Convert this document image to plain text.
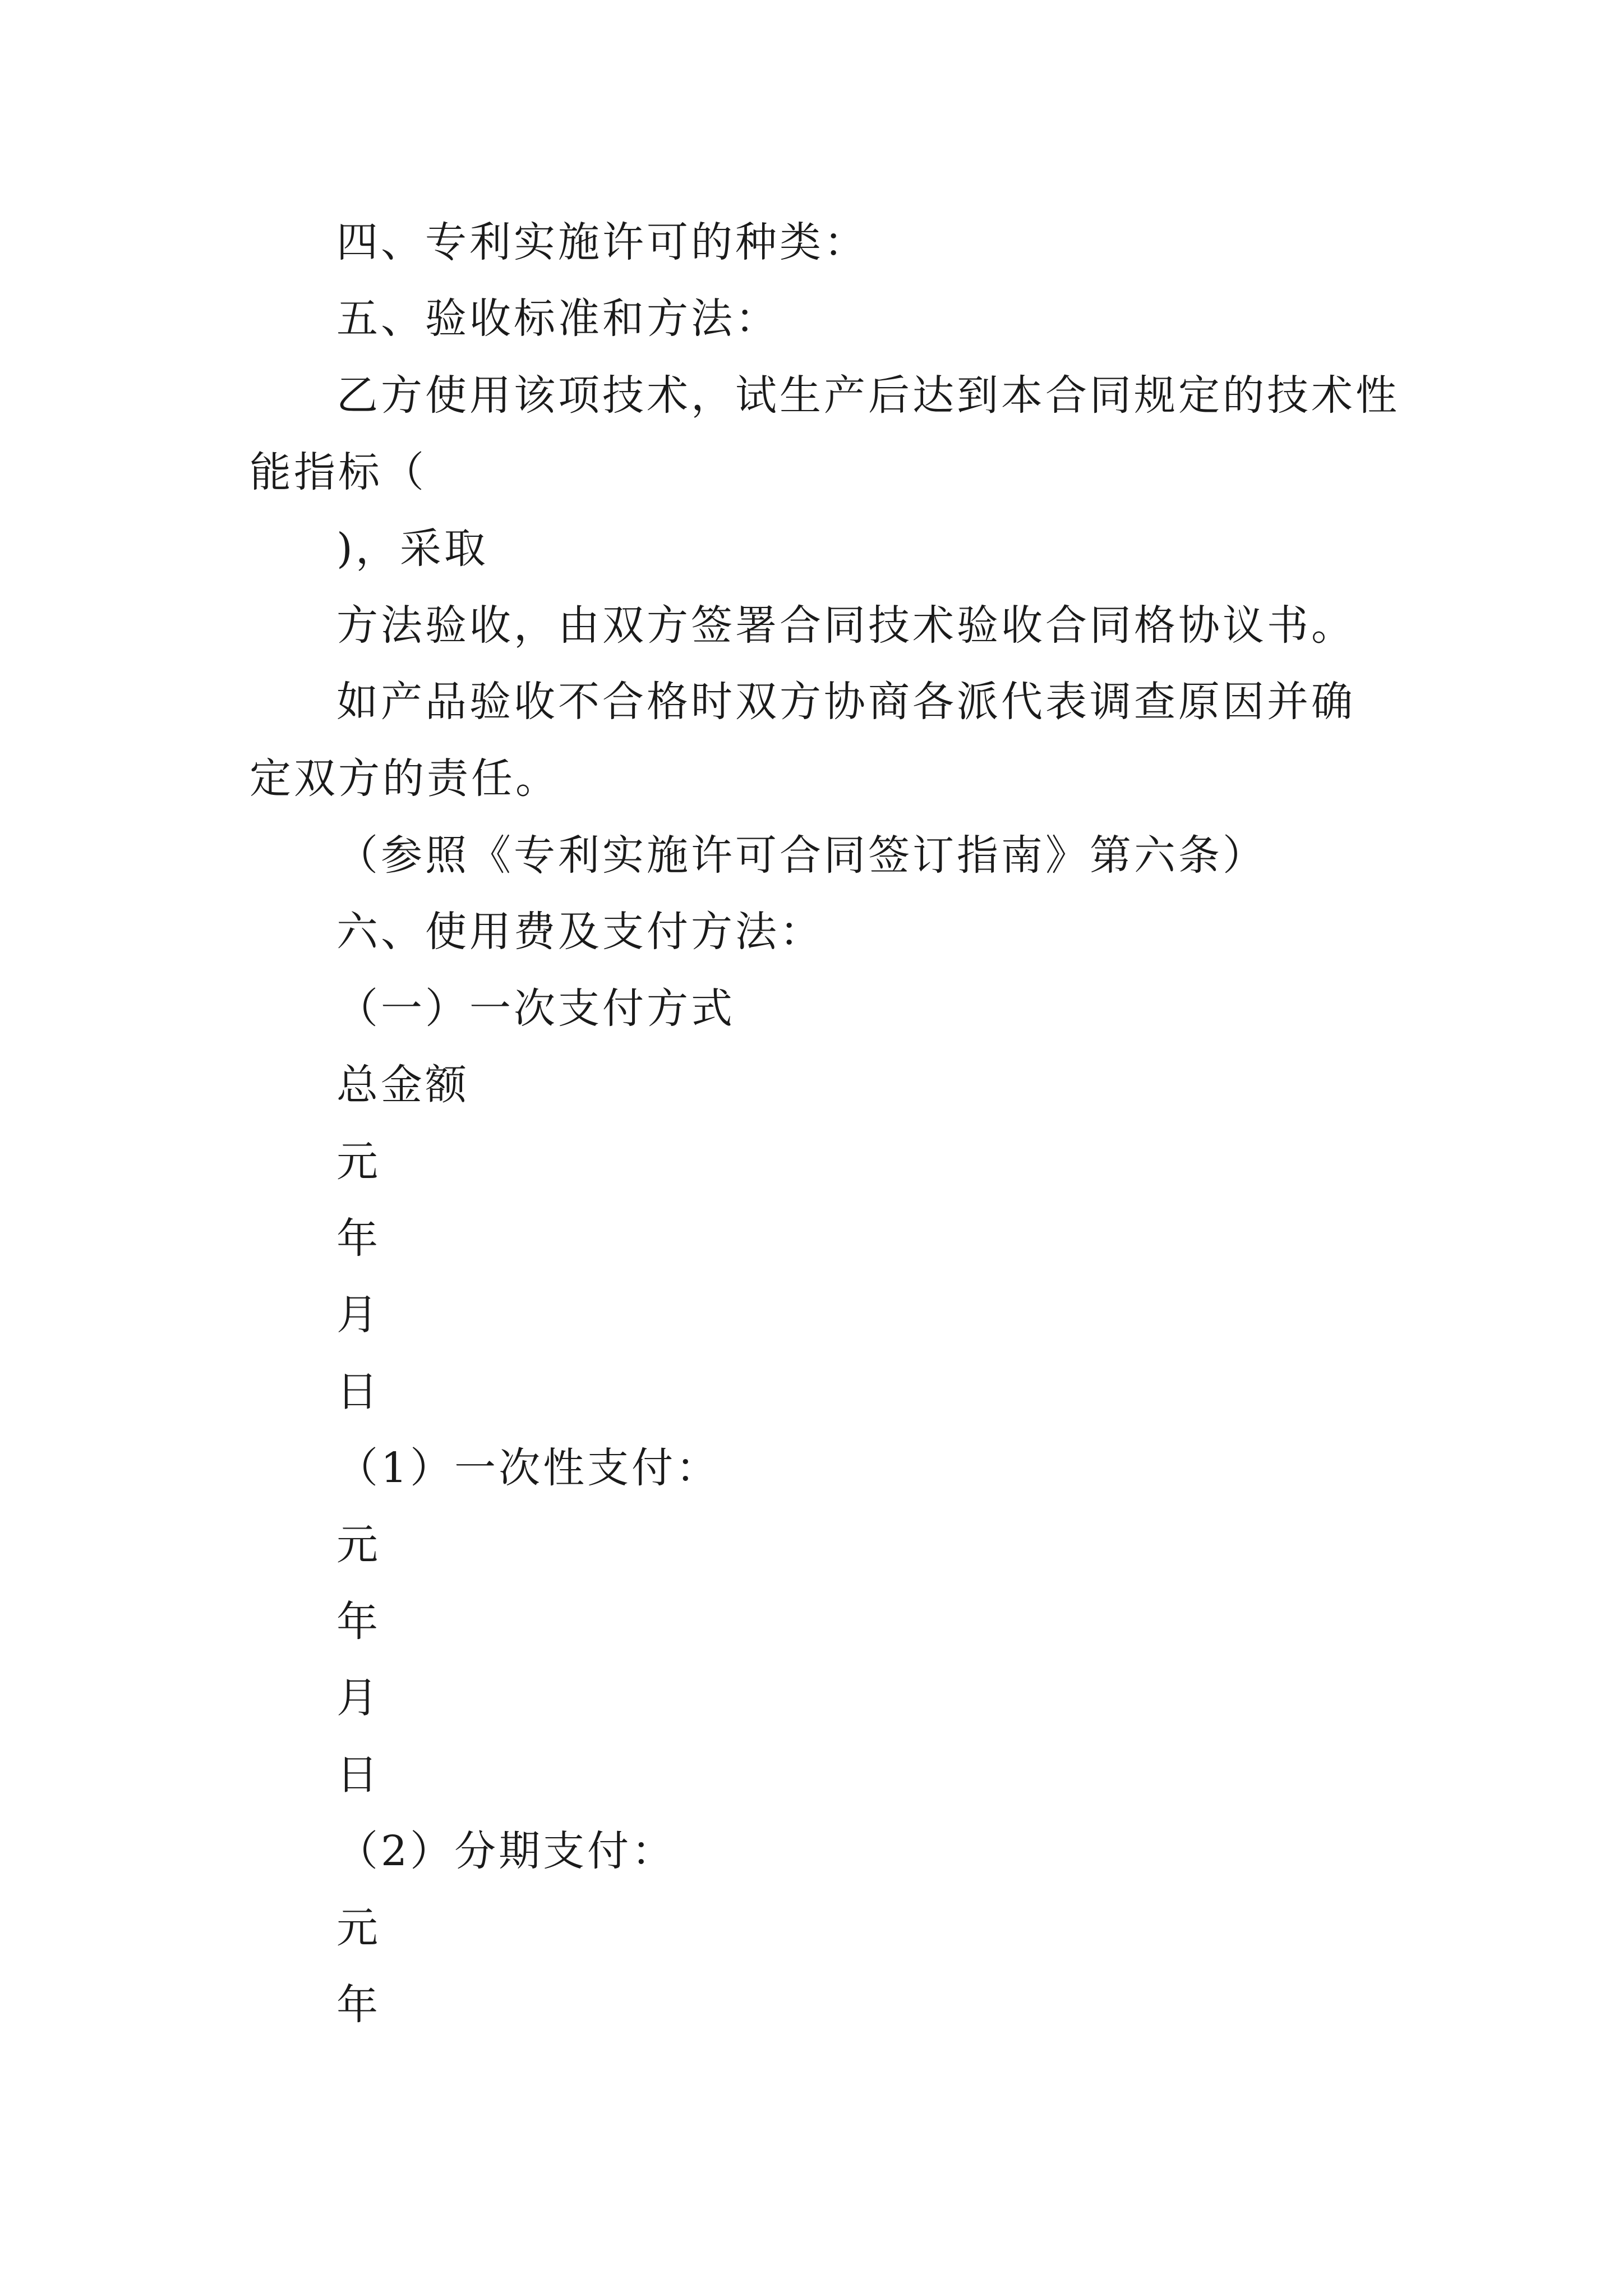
四、专利实施许可的种类：
五、验收标准和方法：
乙方使用该项技术，试生产后达到本合同规定的技术性
能指标（
)，采取
方法验收，由双方签署合同技术验收合同格协议书。
如产品验收不合格时双方协商各派代表调查原因并确
定双方的责任。
（参照《专利实施许可合同签订指南》第六条）
六、使用费及支付方法：
（一）一次支付方式
总金额
元
年
月
日
（1）一次性支付：
元
年
月
日
（2）分期支付：
元
年
